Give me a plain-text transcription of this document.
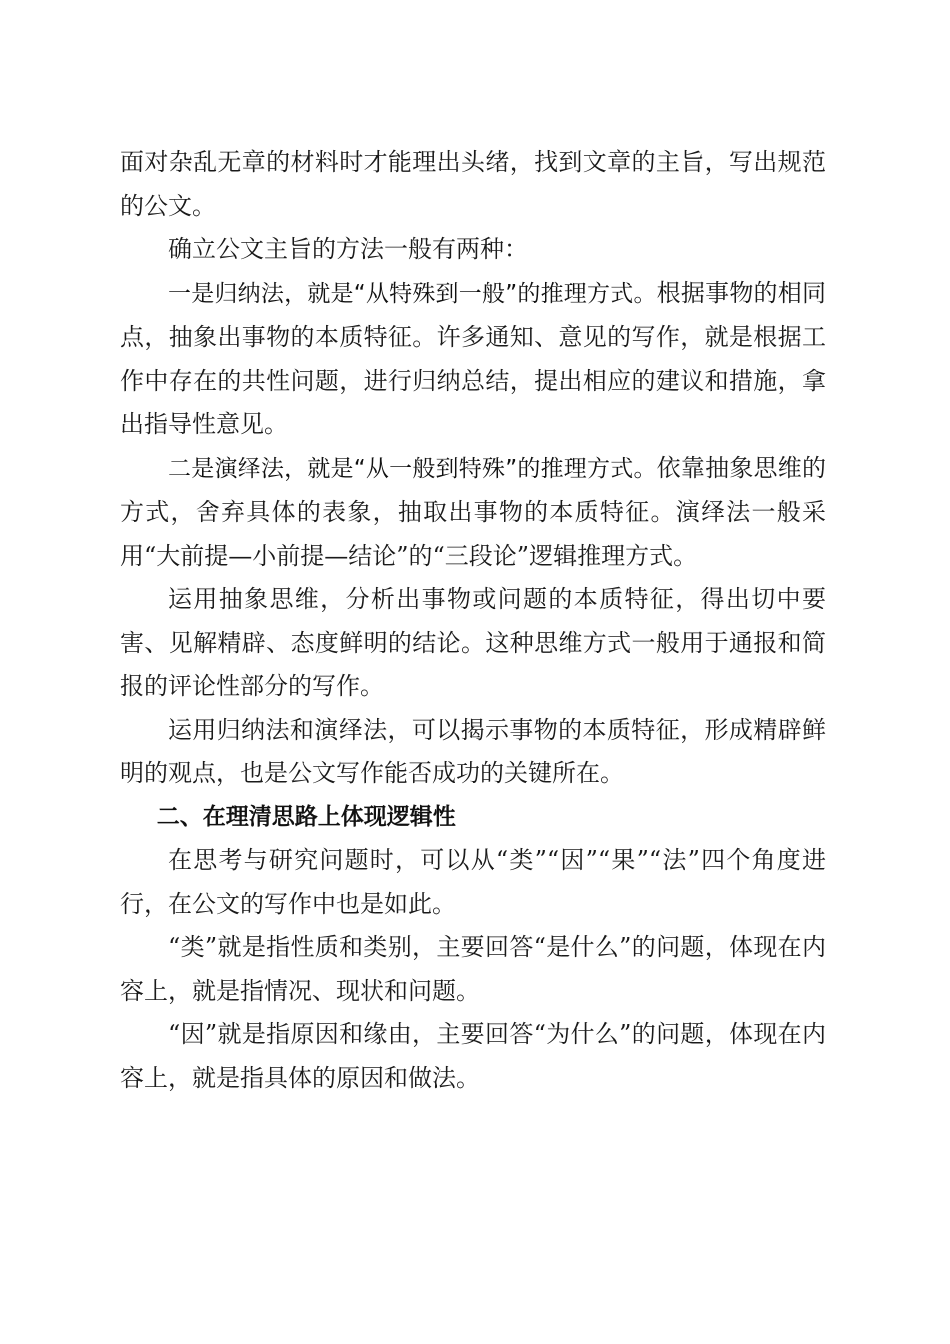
面对杂乱无章的材料时才能理出头绪，找到文章的主旨，写出规范的公文。

确立公文主旨的方法一般有两种：

一是归纳法，就是“从特殊到一般”的推理方式。根据事物的相同点，抽象出事物的本质特征。许多通知、意见的写作，就是根据工作中存在的共性问题，进行归纳总结，提出相应的建议和措施，拿出指导性意见。

二是演绎法，就是“从一般到特殊”的推理方式。依靠抽象思维的方式，舍弃具体的表象，抽取出事物的本质特征。演绎法一般采用“大前提—小前提—结论”的“三段论”逻辑推理方式。

运用抽象思维，分析出事物或问题的本质特征，得出切中要害、见解精辟、态度鲜明的结论。这种思维方式一般用于通报和简报的评论性部分的写作。

运用归纳法和演绎法，可以揭示事物的本质特征，形成精辟鲜明的观点，也是公文写作能否成功的关键所在。

二、在理清思路上体现逻辑性

在思考与研究问题时，可以从“类”“因”“果”“法”四个角度进行，在公文的写作中也是如此。

“类”就是指性质和类别，主要回答“是什么”的问题，体现在内容上，就是指情况、现状和问题。

“因”就是指原因和缘由，主要回答“为什么”的问题，体现在内容上，就是指具体的原因和做法。
